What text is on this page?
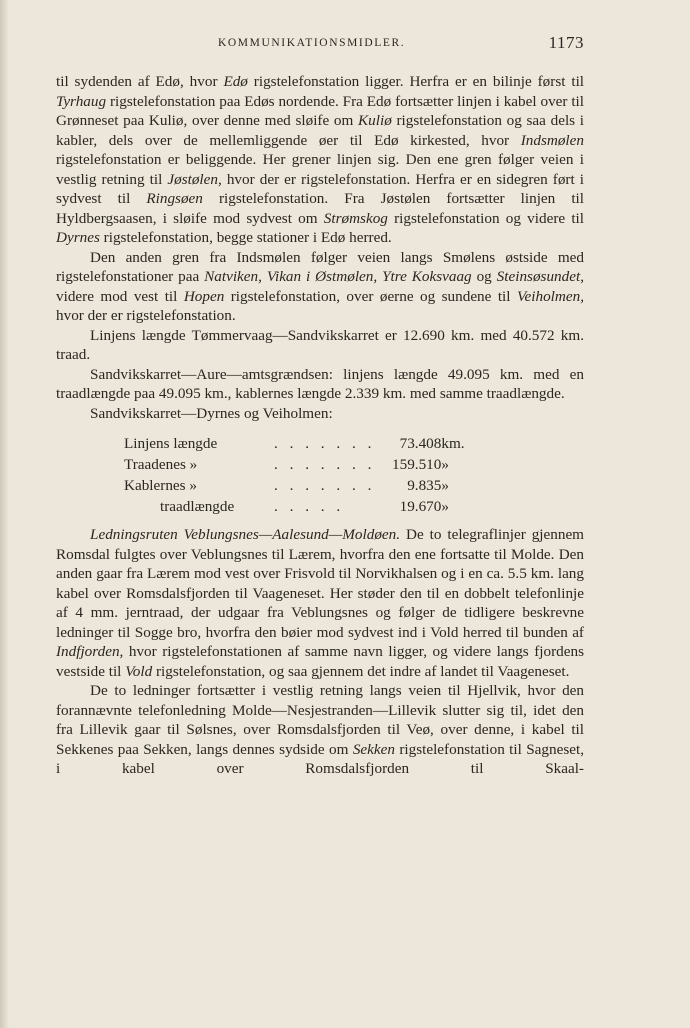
KOMMUNIKATIONSMIDLER.	1173

til sydenden af Edø, hvor Edø rigstelefonstation ligger. Herfra er en bilinje først til Tyrhaug rigstelefonstation paa Edøs nordende. Fra Edø fortsætter linjen i kabel over til Grønneset paa Kuliø, over denne med sløife om Kuliø rigstelefonstation og saa dels i kabler, dels over de mellemliggende øer til Edø kirkested, hvor Indsmølen rigstelefonstation er beliggende. Her grener linjen sig. Den ene gren følger veien i vestlig retning til Jøstølen, hvor der er rigstelefonstation. Herfra er en sidegren ført i sydvest til Ringsøen rigstelefonstation. Fra Jøstølen fortsætter linjen til Hyldbergsaasen, i sløife mod sydvest om Strømskog rigstelefonstation og videre til Dyrnes rigstelefonstation, begge stationer i Edø herred.

Den anden gren fra Indsmølen følger veien langs Smølens østside med rigstelefonstationer paa Natviken, Vikan i Østmølen, Ytre Koksvaag og Steinsøsundet, videre mod vest til Hopen rigstelefonstation, over øerne og sundene til Veiholmen, hvor der er rigstelefonstation.

Linjens længde Tømmervaag—Sandvikskarret er 12.690 km. med 40.572 km. traad.

Sandvikskarret—Aure—amtsgrændsen: linjens længde 49.095 km. med en traadlængde paa 49.095 km., kablernes længde 2.339 km. med samme traadlængde.

Sandvikskarret—Dyrnes og Veiholmen:

Linjens længde	. . . . . . .	73.408	km.
Traadenes »	. . . . . . .	159.510	»
Kablernes »	. . . . . . .	9.835	»
traadlængde	. . . . .	19.670	»

Ledningsruten Veblungsnes—Aalesund—Moldøen. De to telegraflinjer gjennem Romsdal fulgtes over Veblungsnes til Lærem, hvorfra den ene fortsatte til Molde. Den anden gaar fra Lærem mod vest over Frisvold til Norvikhalsen og i en ca. 5.5 km. lang kabel over Romsdalsfjorden til Vaageneset. Her støder den til en dobbelt telefonlinje af 4 mm. jerntraad, der udgaar fra Veblungsnes og følger de tidligere beskrevne ledninger til Sogge bro, hvorfra den bøier mod sydvest ind i Vold herred til bunden af Indfjorden, hvor rigstelefonstationen af samme navn ligger, og videre langs fjordens vestside til Vold rigstelefonstation, og saa gjennem det indre af landet til Vaageneset.

De to ledninger fortsætter i vestlig retning langs veien til Hjellvik, hvor den forannævnte telefonledning Molde—Nesjestranden—Lillevik slutter sig til, idet den fra Lillevik gaar til Sølsnes, over Romsdalsfjorden til Veø, over denne, i kabel til Sekkenes paa Sekken, langs dennes sydside om Sekken rigstelefonstation til Sagneset, i kabel over Romsdalsfjorden til Skaal-
